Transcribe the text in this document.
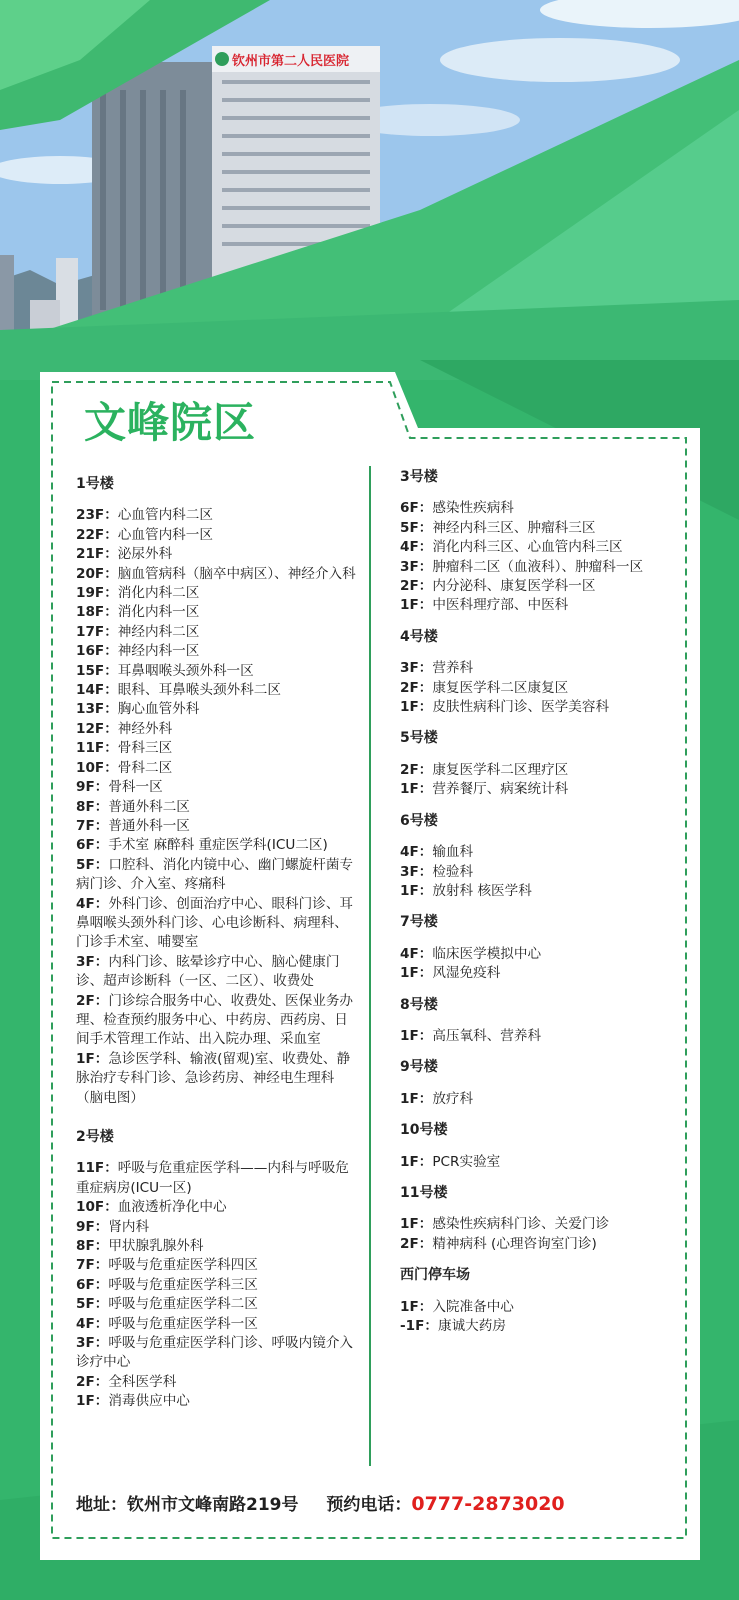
钦州市第二人民医院
文峰院区
1号楼
23F：心血管内科二区
22F：心血管内科一区
21F：泌尿外科
20F：脑血管病科（脑卒中病区）、神经介入科
19F：消化内科二区
18F：消化内科一区
17F：神经内科二区
16F：神经内科一区
15F：耳鼻咽喉头颈外科一区
14F：眼科、耳鼻喉头颈外科二区
13F：胸心血管外科
12F：神经外科
11F：骨科三区
10F：骨科二区
9F：骨科一区
8F：普通外科二区
7F：普通外科一区
6F：手术室 麻醉科 重症医学科(ICU二区)
5F：口腔科、消化内镜中心、幽门螺旋杆菌专病门诊、介入室、疼痛科
4F：外科门诊、创面治疗中心、眼科门诊、耳鼻咽喉头颈外科门诊、心电诊断科、病理科、门诊手术室、哺婴室
3F：内科门诊、眩晕诊疗中心、脑心健康门诊、超声诊断科（一区、二区）、收费处
2F：门诊综合服务中心、收费处、医保业务办理、检查预约服务中心、中药房、西药房、日间手术管理工作站、出入院办理、采血室
1F：急诊医学科、输液(留观)室、收费处、静脉治疗专科门诊、急诊药房、神经电生理科（脑电图）
2号楼
11F：呼吸与危重症医学科——内科与呼吸危重症病房(ICU一区)
10F：血液透析净化中心
9F：肾内科
8F：甲状腺乳腺外科
7F：呼吸与危重症医学科四区
6F：呼吸与危重症医学科三区
5F：呼吸与危重症医学科二区
4F：呼吸与危重症医学科一区
3F：呼吸与危重症医学科门诊、呼吸内镜介入诊疗中心
2F：全科医学科
1F：消毒供应中心
3号楼
6F：感染性疾病科
5F：神经内科三区、肿瘤科三区
4F：消化内科三区、心血管内科三区
3F：肿瘤科二区（血液科）、肿瘤科一区
2F：内分泌科、康复医学科一区
1F：中医科理疗部、中医科
4号楼
3F：营养科
2F：康复医学科二区康复区
1F：皮肤性病科门诊、医学美容科
5号楼
2F：康复医学科二区理疗区
1F：营养餐厅、病案统计科
6号楼
4F：输血科
3F：检验科
1F：放射科 核医学科
7号楼
4F：临床医学模拟中心
1F：风湿免疫科
8号楼
1F：高压氧科、营养科
9号楼
1F：放疗科
10号楼
1F：PCR实验室
11号楼
1F：感染性疾病科门诊、关爱门诊
2F：精神病科 (心理咨询室门诊)
西门停车场
1F：入院准备中心
-1F：康诚大药房
地址：钦州市文峰南路219号 预约电话：0777-2873020
